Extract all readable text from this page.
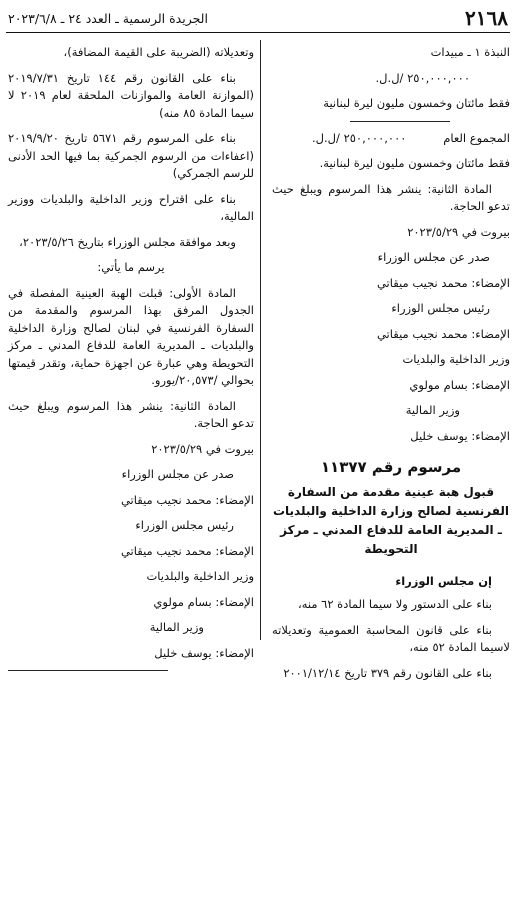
٢١٦٨
الجريدة الرسمية ـ العدد ٢٤ ـ ٢٠٢٣/٦/٨

النبذة ١ ـ مبيدات

٢٥٠,٠٠٠,٠٠٠ /ل.ل.

فقط مائتان وخمسون مليون ليرة لبنانية

المجموع العام
٢٥٠,٠٠٠,٠٠٠ /ل.ل.

فقط مائتان وخمسون مليون ليرة لبنانية.

المادة الثانية: ينشر هذا المرسوم ويبلغ حيث تدعو الحاجة.

بيروت في ٢٠٢٣/٥/٢٩

صدر عن مجلس الوزراء

الإمضاء: محمد نجيب ميقاتي

رئيس مجلس الوزراء

الإمضاء: محمد نجيب ميقاتي

وزير الداخلية والبلديات

الإمضاء: بسام مولوي

وزير المالية

الإمضاء: يوسف خليل

مرسوم رقم ١١٣٧٧
قبول هبة عينية مقدمة من السفارة الفرنسية لصالح وزارة الداخلية والبلديات ـ المديرية العامة للدفاع المدني ـ مركز التحويطة

إن مجلس الوزراء

بناء على الدستور ولا سيما المادة ٦٢ منه،

بناء على قانون المحاسبة العمومية وتعديلاته لاسيما المادة ٥٢ منه،

بناء على القانون رقم ٣٧٩ تاريخ ٢٠٠١/١٢/١٤

وتعديلاته (الضريبة على القيمة المضافة)،

بناء على القانون رقم ١٤٤ تاريخ ٢٠١٩/٧/٣١ (الموازنة العامة والموازنات الملحقة لعام ٢٠١٩ لا سيما المادة ٨٥ منه)

بناء على المرسوم رقم ٥٦٧١ تاريخ ٢٠١٩/٩/٢٠ (اعفاءات من الرسوم الجمركية بما فيها الحد الأدنى للرسم الجمركي)

بناء على اقتراح وزير الداخلية والبلديات ووزير المالية،

وبعد موافقة مجلس الوزراء بتاريخ ٢٠٢٣/٥/٢٦،

يرسم ما يأتي:

المادة الأولى: قبلت الهبة العينية المفصلة في الجدول المرفق بهذا المرسوم والمقدمة من السفارة الفرنسية في لبنان لصالح وزارة الداخلية والبلديات ـ المديرية العامة للدفاع المدني ـ مركز التحويطة وهي عبارة عن اجهزة حماية، وتقدر قيمتها بحوالي /٢٠,٥٧٣/يورو.

المادة الثانية: ينشر هذا المرسوم ويبلغ حيث تدعو الحاجة.

بيروت في ٢٠٢٣/٥/٢٩

صدر عن مجلس الوزراء

الإمضاء: محمد نجيب ميقاتي

رئيس مجلس الوزراء

الإمضاء: محمد نجيب ميقاتي

وزير الداخلية والبلديات

الإمضاء: بسام مولوي

وزير المالية

الإمضاء: يوسف خليل
